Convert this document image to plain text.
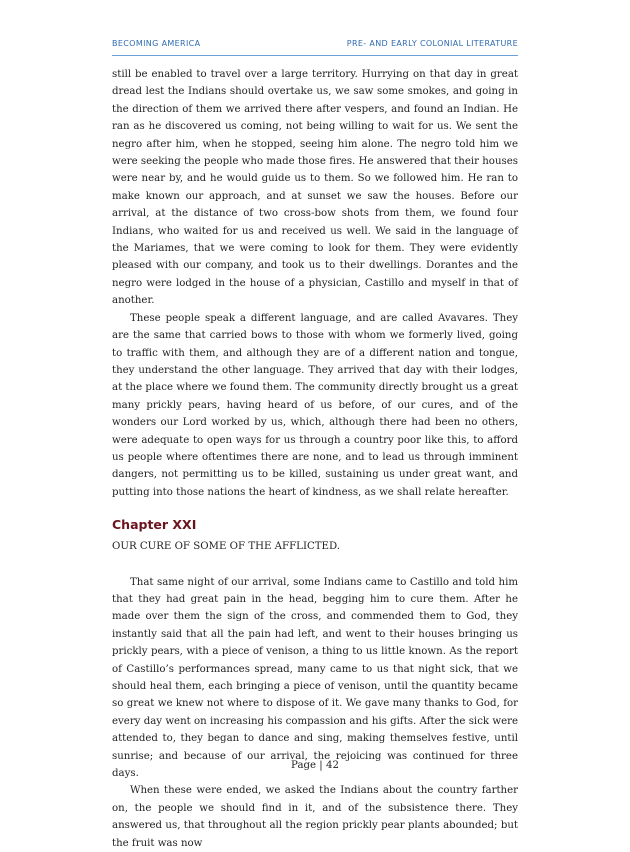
BECOMING AMERICA	PRE- AND EARLY COLONIAL LITERATURE

still be enabled to travel over a large territory. Hurrying on that day in great dread lest the Indians should overtake us, we saw some smokes, and going in the direction of them we arrived there after vespers, and found an Indian. He ran as he discovered us coming, not being willing to wait for us. We sent the negro after him, when he stopped, seeing him alone. The negro told him we were seeking the people who made those fires. He answered that their houses were near by, and he would guide us to them. So we followed him. He ran to make known our approach, and at sunset we saw the houses. Before our arrival, at the distance of two cross-bow shots from them, we found four Indians, who waited for us and received us well. We said in the language of the Mariames, that we were coming to look for them. They were evidently pleased with our company, and took us to their dwellings. Dorantes and the negro were lodged in the house of a physician, Castillo and myself in that of another.

These people speak a different language, and are called Avavares. They are the same that carried bows to those with whom we formerly lived, going to traffic with them, and although they are of a different nation and tongue, they understand the other language. They arrived that day with their lodges, at the place where we found them. The community directly brought us a great many prickly pears, having heard of us before, of our cures, and of the wonders our Lord worked by us, which, although there had been no others, were adequate to open ways for us through a country poor like this, to afford us people where oftentimes there are none, and to lead us through imminent dangers, not permitting us to be killed, sustaining us under great want, and putting into those nations the heart of kindness, as we shall relate hereafter.

Chapter XXI

OUR CURE OF SOME OF THE AFFLICTED.

That same night of our arrival, some Indians came to Castillo and told him that they had great pain in the head, begging him to cure them. After he made over them the sign of the cross, and commended them to God, they instantly said that all the pain had left, and went to their houses bringing us prickly pears, with a piece of venison, a thing to us little known. As the report of Castillo’s performances spread, many came to us that night sick, that we should heal them, each bringing a piece of venison, until the quantity became so great we knew not where to dispose of it. We gave many thanks to God, for every day went on increasing his compassion and his gifts. After the sick were attended to, they began to dance and sing, making themselves festive, until sunrise; and because of our arrival, the rejoicing was continued for three days.

When these were ended, we asked the Indians about the country farther on, the people we should find in it, and of the subsistence there. They answered us, that throughout all the region prickly pear plants abounded; but the fruit was now

Page | 42
